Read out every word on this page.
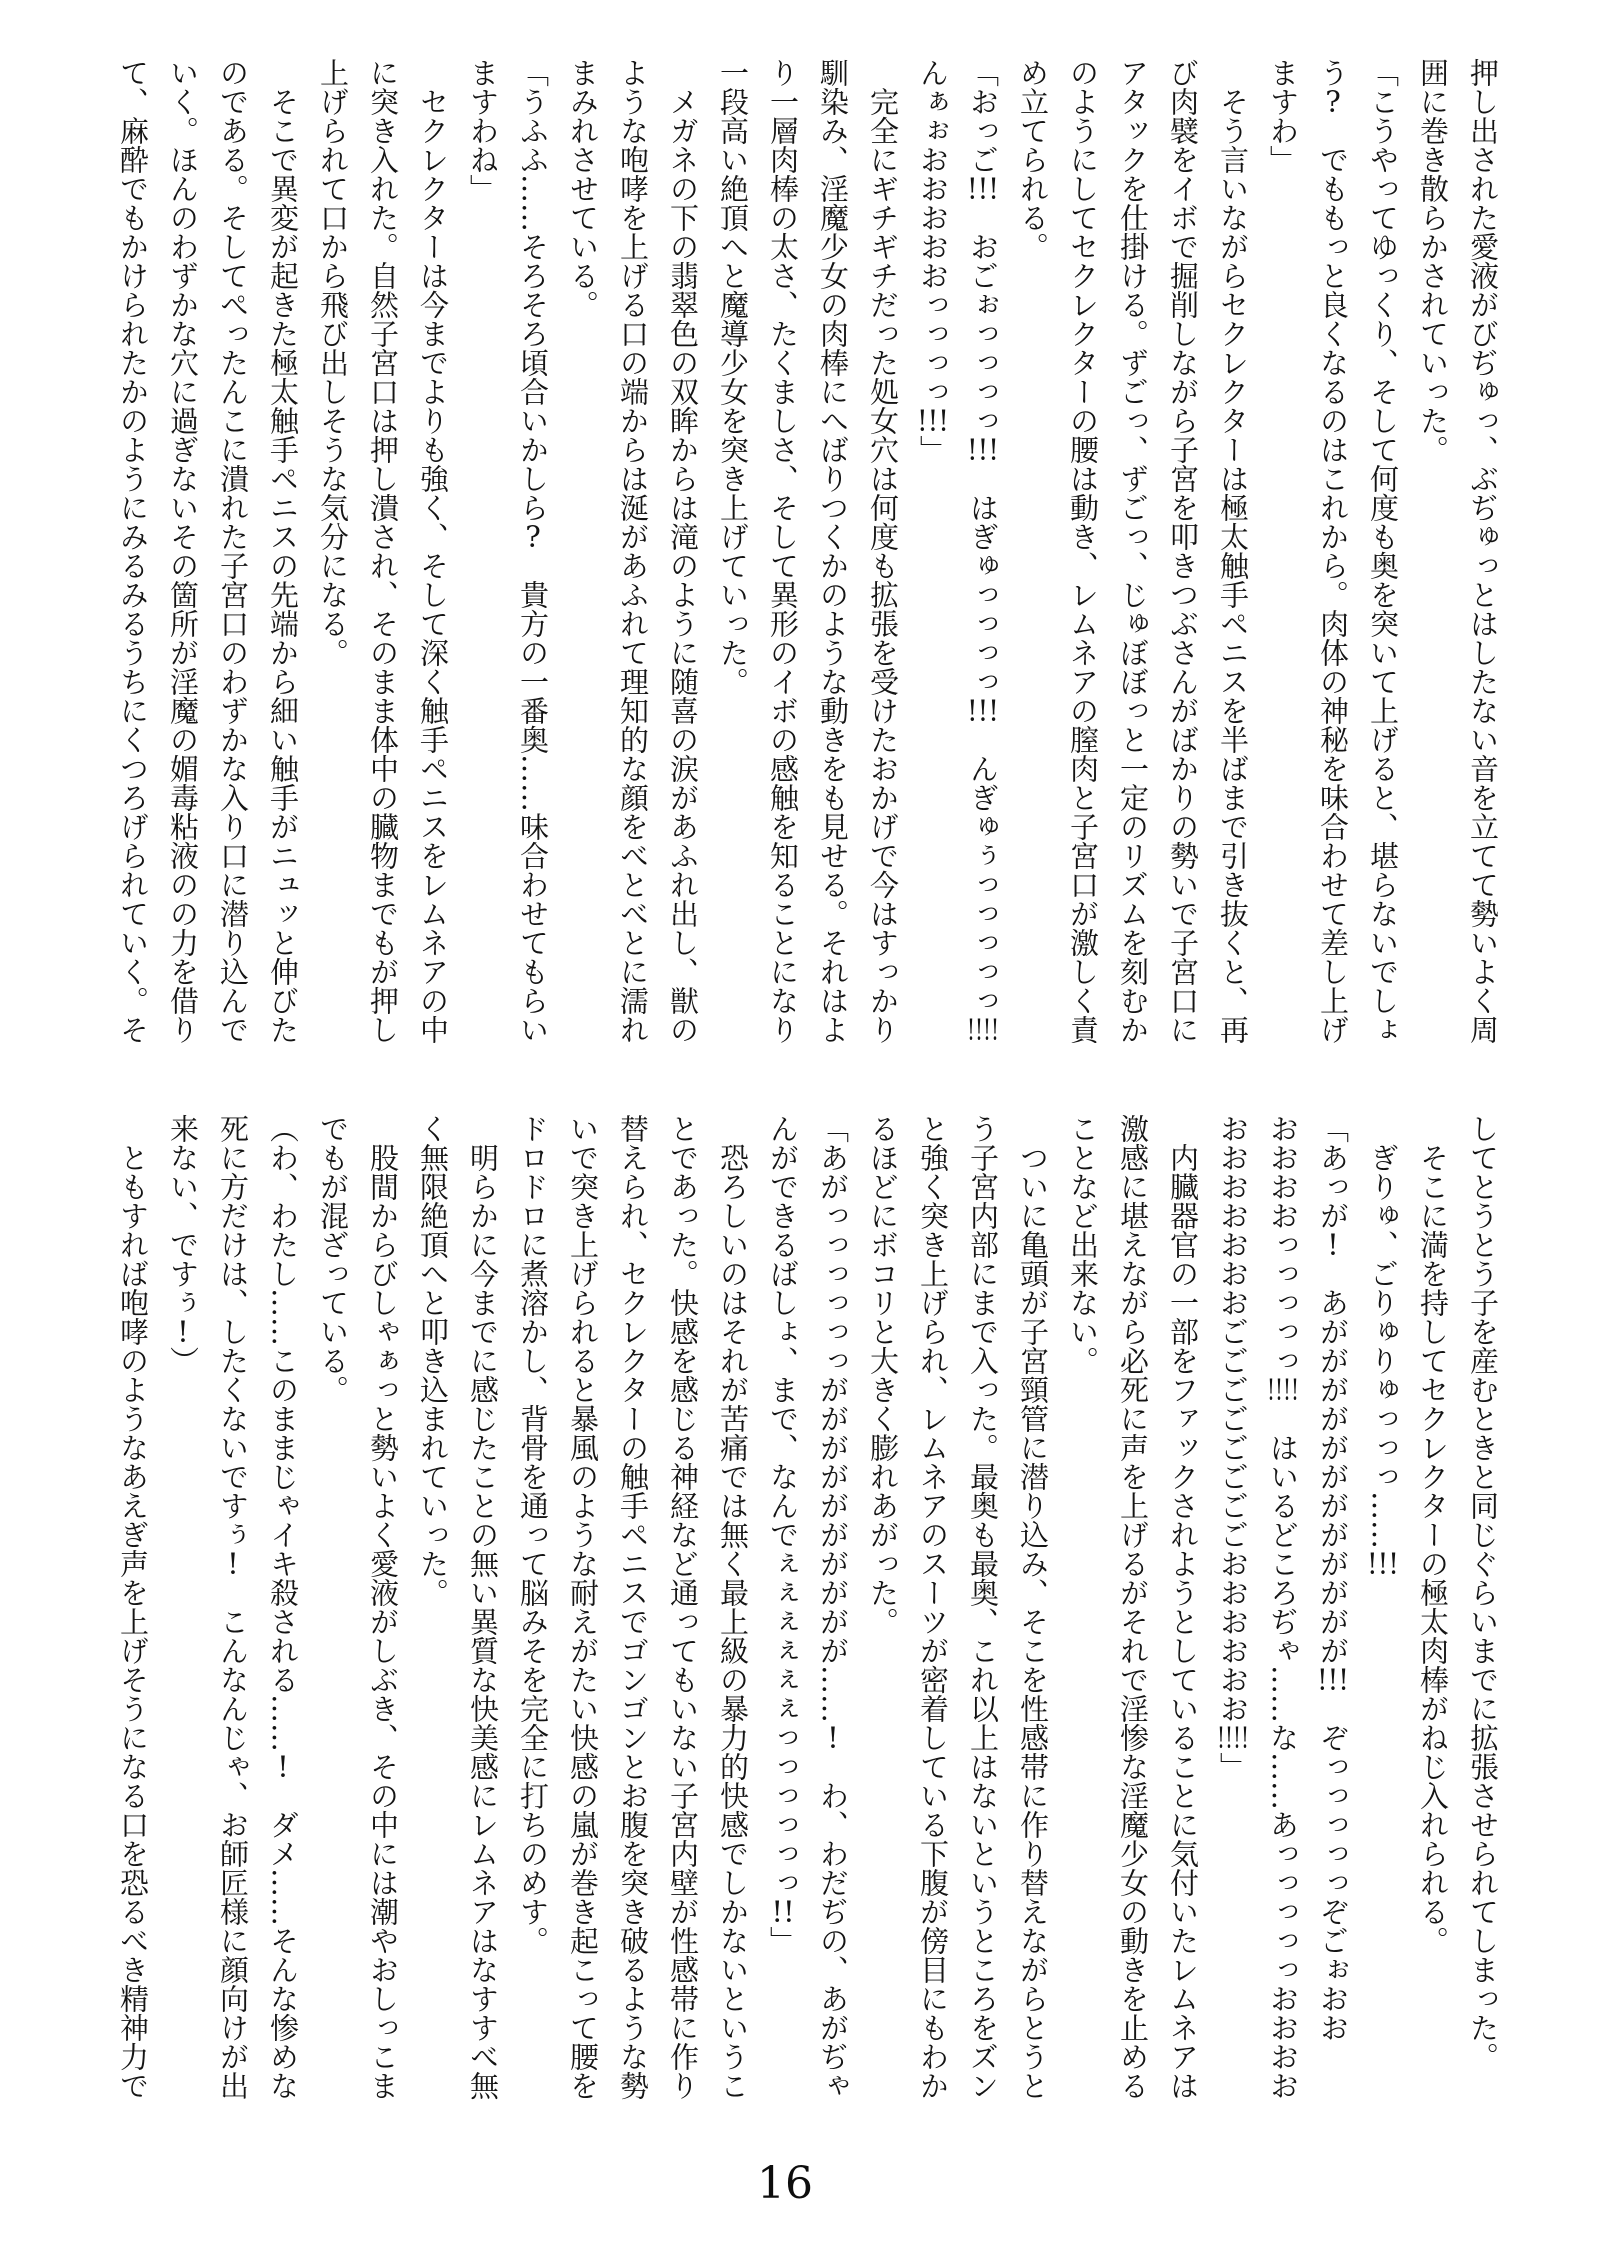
押し出された愛液がびぢゅっ、ぶぢゅっとはしたない音を立てて勢いよく周
囲に巻き散らかされていった。
「こうやってゆっくり、そして何度も奥を突いて上げると、堪らないでしょ
う?　でももっと良くなるのはこれから。肉体の神秘を味合わせて差し上げ
ますわ」
　そう言いながらセクレクターは極太触手ペニスを半ばまで引き抜くと、再
び肉襞をイボで掘削しながら子宮を叩きつぶさんがばかりの勢いで子宮口に
アタックを仕掛ける。ずごっ、ずごっ、じゅぼぼっと一定のリズムを刻むか
のようにしてセクレクターの腰は動き、レムネアの膣肉と子宮口が激しく責
め立てられる。
「おっご!!!　おごぉっっっっ!!!　はぎゅっっっっ!!!　んぎゅぅっっっっっ!!!!
んぁぉおおおおおっっっっ!!!」
　完全にギチギチだった処女穴は何度も拡張を受けたおかげで今はすっかり
馴染み、淫魔少女の肉棒にへばりつくかのような動きをも見せる。それはよ
り一層肉棒の太さ、たくましさ、そして異形のイボの感触を知ることになり
一段高い絶頂へと魔導少女を突き上げていった。
　メガネの下の翡翠色の双眸からは滝のように随喜の涙があふれ出し、獣の
ような咆哮を上げる口の端からは涎があふれて理知的な顔をべとべとに濡れ
まみれさせている。
「うふふ……そろそろ頃合いかしら?　貴方の一番奥……味合わせてもらい
ますわね」
　セクレクターは今までよりも強く、そして深く触手ペニスをレムネアの中
に突き入れた。自然子宮口は押し潰され、そのまま体中の臓物までもが押し
上げられて口から飛び出しそうな気分になる。
　そこで異変が起きた極太触手ペニスの先端から細い触手がニュッと伸びた
のである。そしてぺったんこに潰れた子宮口のわずかな入り口に潜り込んで
いく。ほんのわずかな穴に過ぎないその箇所が淫魔の媚毒粘液のの力を借り
て、麻酔でもかけられたかのようにみるみるうちにくつろげられていく。そ
してとうとう子を産むときと同じぐらいまでに拡張させられてしまった。
　そこに満を持してセクレクターの極太肉棒がねじ入れられる。
　ぎりゅ、ごりゅりゅっっっ……!!!
「あっが!　あがががががががががががが!!!　ぞっっっっっぞごぉおお
おおおおっっっっっ!!!!　はいるどころぢゃ……な……あっっっっっおおおお
おおおおおおおごごごごごごごごおおおおおお!!!!」
　内臓器官の一部をファックされようとしていることに気付いたレムネアは
激感に堪えながら必死に声を上げるがそれで淫惨な淫魔少女の動きを止める
ことなど出来ない。
　ついに亀頭が子宮頸管に潜り込み、そこを性感帯に作り替えながらとうと
う子宮内部にまで入った。最奥も最奥、これ以上はないというところをズン
と強く突き上げられ、レムネアのスーツが密着している下腹が傍目にもわか
るほどにボコリと大きく膨れあがった。
「あがっっっっっっがががががががががが……!　わ、わだぢの、あがぢゃ
んができるばしょ、まで、なんでぇぇぇぇぇぇっっっっっっ!!」
　恐ろしいのはそれが苦痛では無く最上級の暴力的快感でしかないというこ
とであった。快感を感じる神経など通ってもいない子宮内壁が性感帯に作り
替えられ、セクレクターの触手ペニスでゴンゴンとお腹を突き破るような勢
いで突き上げられると暴風のような耐えがたい快感の嵐が巻き起こって腰を
ドロドロに煮溶かし、背骨を通って脳みそを完全に打ちのめす。
　明らかに今までに感じたことの無い異質な快美感にレムネアはなすすべ無
く無限絶頂へと叩き込まれていった。
　股間からびしゃぁっと勢いよく愛液がしぶき、その中には潮やおしっこま
でもが混ざっている。
（わ、わたし……このままじゃイキ殺される……!　ダメ……そんな惨めな
死に方だけは、したくないですぅ!　こんなんじゃ、お師匠様に顔向けが出
来ない、ですぅ!）
　ともすれば咆哮のようなあえぎ声を上げそうになる口を恐るべき精神力で
16
